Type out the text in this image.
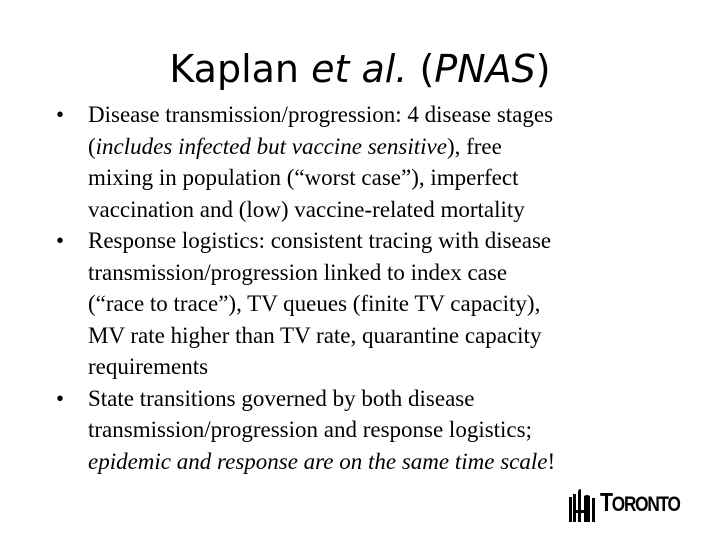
Kaplan et al. (PNAS)
• Disease transmission/progression: 4 disease stages
(includes infected but vaccine sensitive), free
mixing in population (“worst case”), imperfect
vaccination and (low) vaccine-related mortality
• Response logistics: consistent tracing with disease
transmission/progression linked to index case
(“race to trace”), TV queues (finite TV capacity),
MV rate higher than TV rate, quarantine capacity
requirements
• State transitions governed by both disease
transmission/progression and response logistics;
epidemic and response are on the same time scale!
TORONTO
